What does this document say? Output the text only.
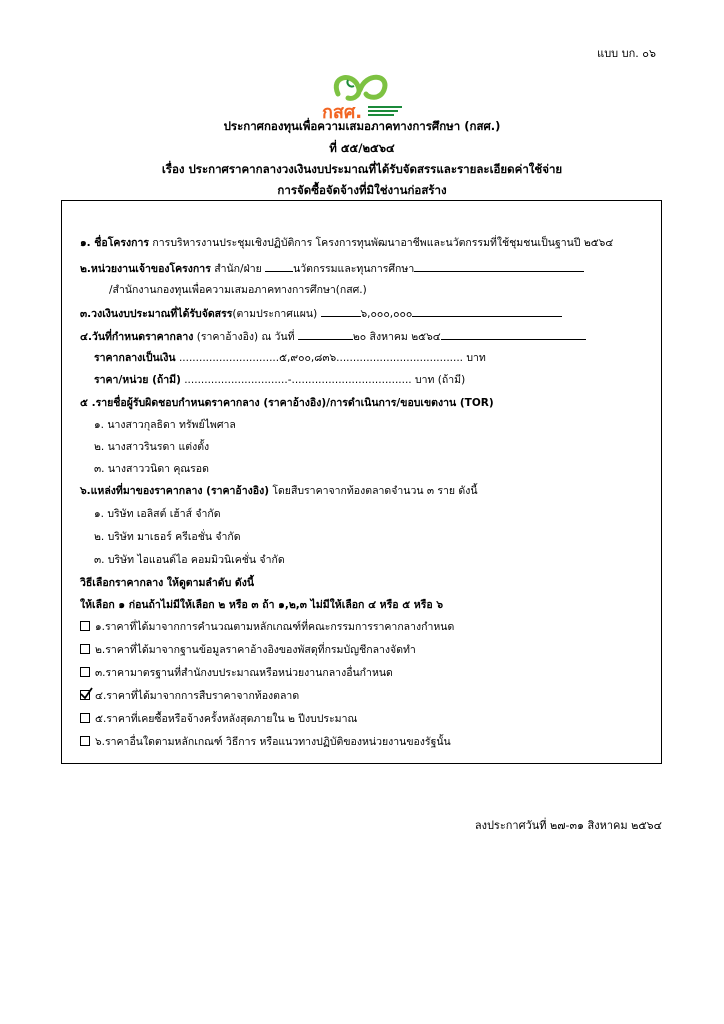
แบบ บก. ๐๖
กสศ.
ประกาศกองทุนเพื่อความเสมอภาคทางการศึกษา (กสศ.)
ที่ ๕๕/๒๕๖๔
เรื่อง ประกาศราคากลางวงเงินงบประมาณที่ได้รับจัดสรรและรายละเอียดค่าใช้จ่าย
การจัดซื้อจัดจ้างที่มิใช่งานก่อสร้าง
๑. ชื่อโครงการ การบริหารงานประชุมเชิงปฏิบัติการ โครงการทุนพัฒนาอาชีพและนวัตกรรมที่ใช้ชุมชนเป็นฐานปี ๒๕๖๔
๒.หน่วยงานเจ้าของโครงการ สำนัก/ฝ่าย	นวัตกรรมและทุนการศึกษา
/สำนักงานกองทุนเพื่อความเสมอภาคทางการศึกษา(กสศ.)
๓.วงเงินงบประมาณที่ได้รับจัดสรร(ตามประกาศแผน)	๖,๐๐๐,๐๐๐
๔.วันที่กำหนดราคากลาง (ราคาอ้างอิง) ณ วันที่	๒๐ สิงหาคม ๒๕๖๔
ราคากลางเป็นเงิน ..............................๕,๙๐๐,๘๓๖...................................... บาท
ราคา/หน่วย (ถ้ามี) ...............................-.................................... บาท (ถ้ามี)
๕ .รายชื่อผู้รับผิดชอบกำหนดราคากลาง (ราคาอ้างอิง)/การดำเนินการ/ขอบเขตงาน (TOR)
๑. นางสาวกุลธิดา ทรัพย์ไพศาล
๒. นางสาวรินรดา แต่งตั้ง
๓. นางสาววนิดา คุณรอด
๖.แหล่งที่มาของราคากลาง (ราคาอ้างอิง) โดยสืบราคาจากท้องตลาดจำนวน ๓ ราย ดังนี้
๑. บริษัท เอลิสต์ เฮ้าส์ จำกัด
๒. บริษัท มาเธอร์ ครีเอชั่น จำกัด
๓. บริษัท ไอแอนด์ไอ คอมมิวนิเคชั่น จำกัด
วิธีเลือกราคากลาง ให้ดูตามลำดับ ดังนี้
ให้เลือก ๑ ก่อนถ้าไม่มีให้เลือก ๒ หรือ ๓ ถ้า ๑,๒,๓ ไม่มีให้เลือก ๔ หรือ ๕ หรือ ๖
๑.ราคาที่ได้มาจากการคำนวณตามหลักเกณฑ์ที่คณะกรรมการราคากลางกำหนด
๒.ราคาที่ได้มาจากฐานข้อมูลราคาอ้างอิงของพัสดุที่กรมบัญชีกลางจัดทำ
๓.ราคามาตรฐานที่สำนักงบประมาณหรือหน่วยงานกลางอื่นกำหนด
๔.ราคาที่ได้มาจากการสืบราคาจากท้องตลาด
๕.ราคาที่เคยซื้อหรือจ้างครั้งหลังสุดภายใน ๒ ปีงบประมาณ
๖.ราคาอื่นใดตามหลักเกณฑ์ วิธีการ หรือแนวทางปฏิบัติของหน่วยงานของรัฐนั้น
ลงประกาศวันที่ ๒๗-๓๑ สิงหาคม ๒๕๖๔
